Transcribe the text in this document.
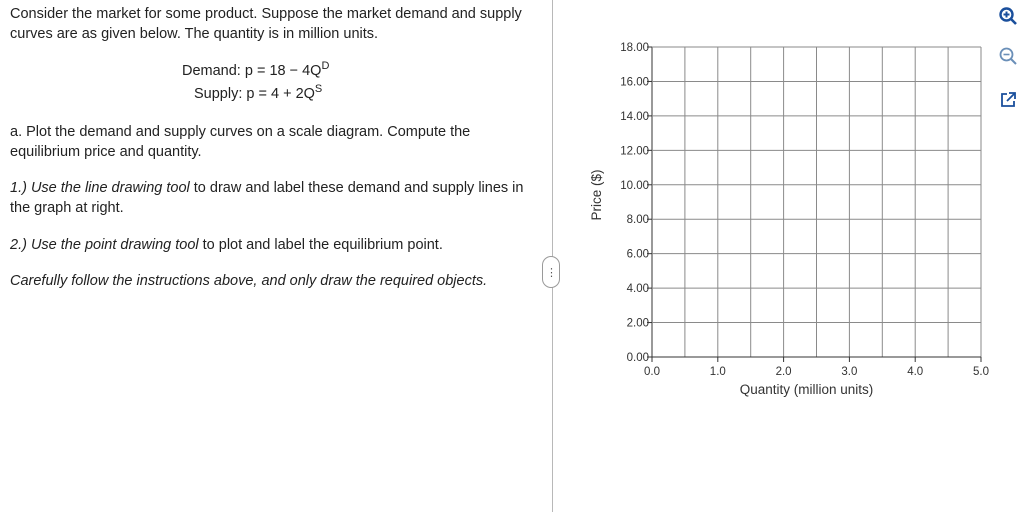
Consider the market for some product. Suppose the market demand and supply curves are as given below. The quantity is in million units.

Demand: $p = 18 - 4Q^D$
Supply: $p = 4 + 2Q^S$

a. Plot the demand and supply curves on a scale diagram. Compute the equilibrium price and quantity.

1.) Use the line drawing tool to draw and label these demand and supply lines in the graph at right.

2.) Use the point drawing tool to plot and label the equilibrium point.

Carefully follow the instructions above, and only draw the required objects.

⋮
0.00
2.00
4.00
6.00
8.00
10.00
12.00
14.00
16.00
18.00
0.0	1.0	2.0	3.0	4.0	5.0
Quantity (million units)
Price ($)
